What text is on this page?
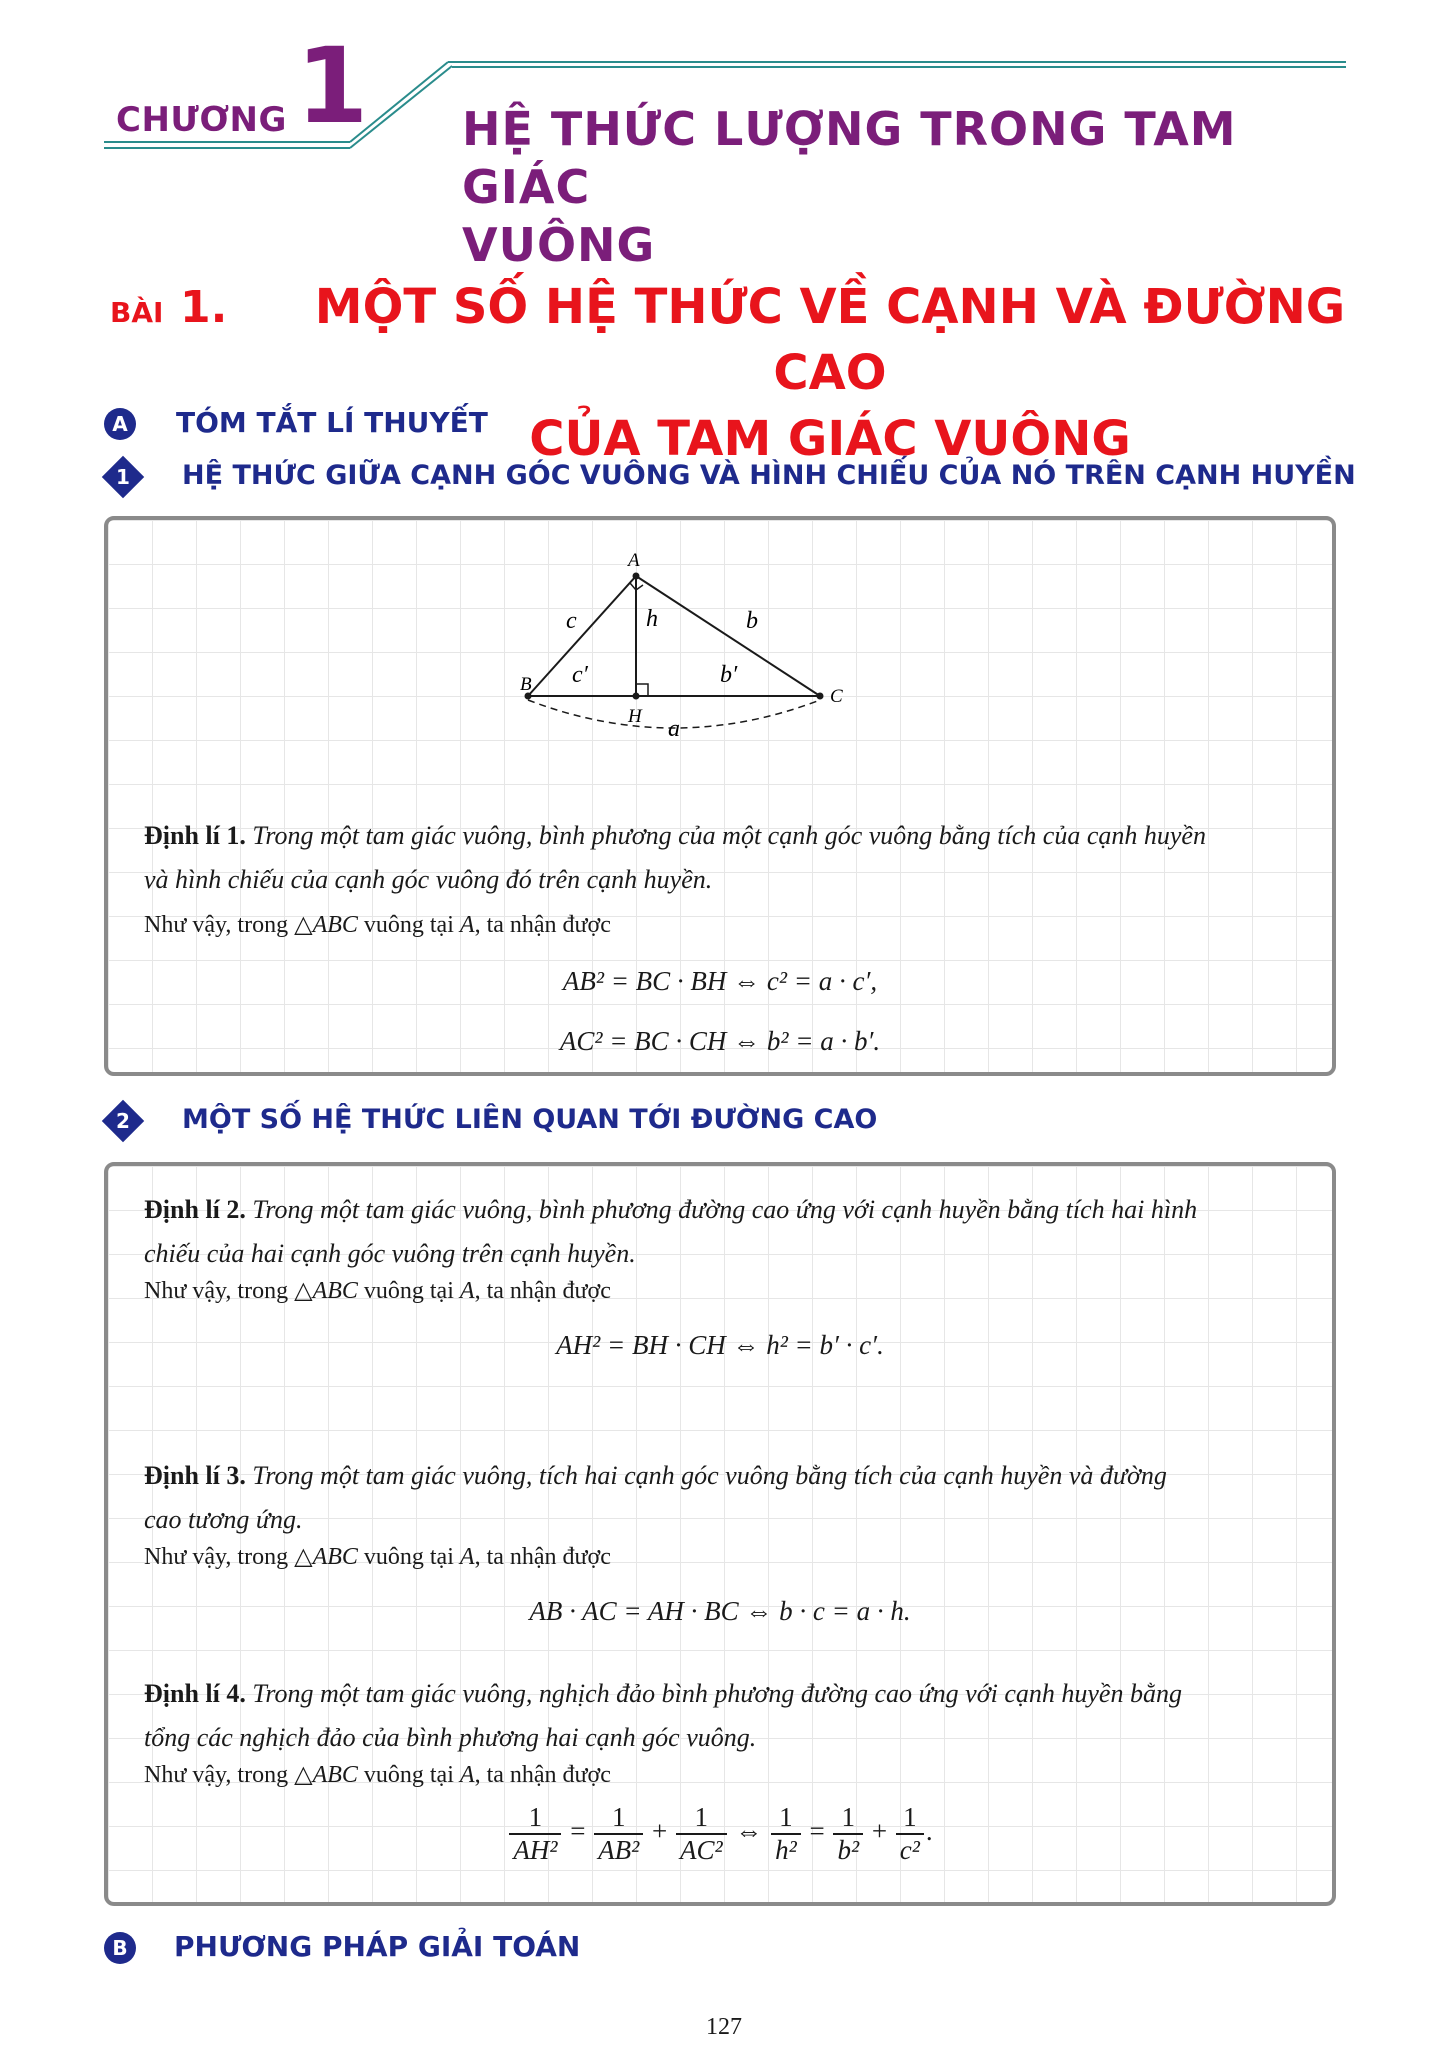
CHƯƠNG 1 HỆ THỨC LƯỢNG TRONG TAM GIÁC
VUÔNG
BÀI 1.	MỘT SỐ HỆ THỨC VỀ CẠNH VÀ ĐƯỜNG CAO
CỦA TAM GIÁC VUÔNG
A TÓM TẮT LÍ THUYẾT
1 HỆ THỨC GIỮA CẠNH GÓC VUÔNG VÀ HÌNH CHIẾU CỦA NÓ TRÊN CẠNH HUYỀN
A
B
C
H
c	b
h
c′	b′
a
Định lí 1. Trong một tam giác vuông, bình phương của một cạnh góc vuông bằng tích của cạnh huyền
và hình chiếu của cạnh góc vuông đó trên cạnh huyền.
Như vậy, trong △ABC vuông tại A, ta nhận được
AB² = BC · BH ⇔ c² = a · c′,
AC² = BC · CH ⇔ b² = a · b′.
2 MỘT SỐ HỆ THỨC LIÊN QUAN TỚI ĐƯỜNG CAO
Định lí 2. Trong một tam giác vuông, bình phương đường cao ứng với cạnh huyền bằng tích hai hình
chiếu của hai cạnh góc vuông trên cạnh huyền.
Như vậy, trong △ABC vuông tại A, ta nhận được
AH² = BH · CH ⇔ h² = b′ · c′.
Định lí 3. Trong một tam giác vuông, tích hai cạnh góc vuông bằng tích của cạnh huyền và đường
cao tương ứng.
Như vậy, trong △ABC vuông tại A, ta nhận được
AB · AC = AH · BC ⇔ b · c = a · h.
Định lí 4. Trong một tam giác vuông, nghịch đảo bình phương đường cao ứng với cạnh huyền bằng
tổng các nghịch đảo của bình phương hai cạnh góc vuông.
Như vậy, trong △ABC vuông tại A, ta nhận được
$\frac{1}{\text{AH²}} = \frac{1}{\text{AB²}} + \frac{1}{\text{AC²}}$ ⇔ $\frac{1}{\text{h²}} = \frac{1}{\text{b²}} + \frac{1}{\text{c²}}$ .
B PHƯƠNG PHÁP GIẢI TOÁN
127
